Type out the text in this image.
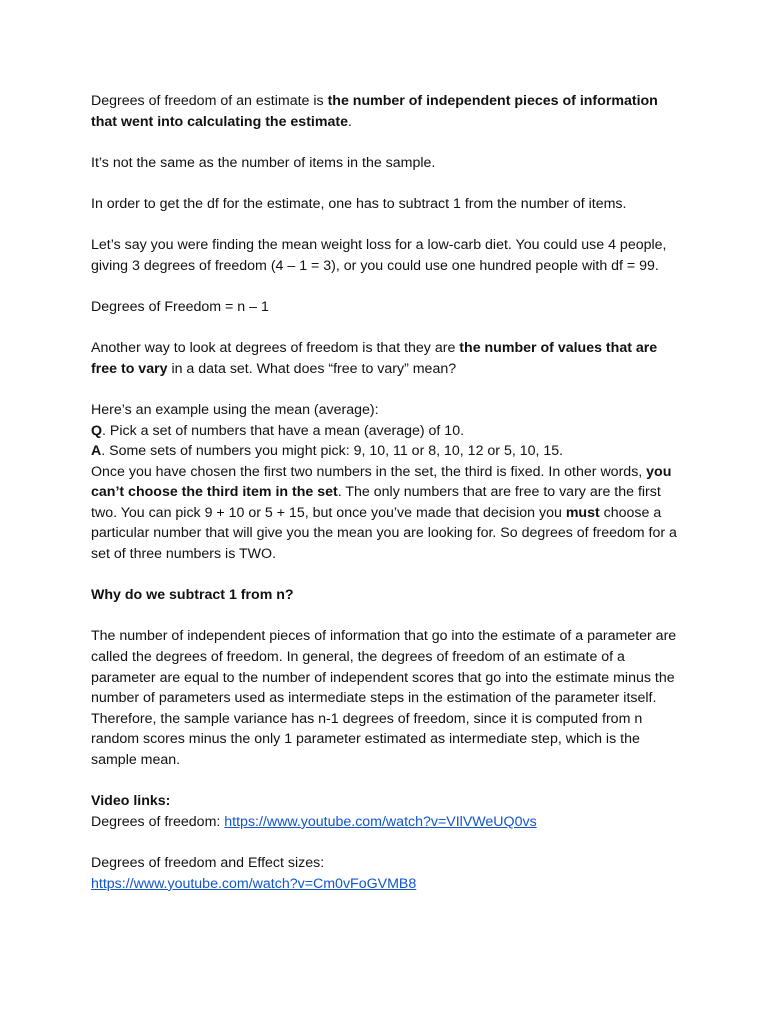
Degrees of freedom of an estimate is the number of independent pieces of information that went into calculating the estimate.

It’s not the same as the number of items in the sample.

In order to get the df for the estimate, one has to subtract 1 from the number of items.

Let’s say you were finding the mean weight loss for a low-carb diet. You could use 4 people, giving 3 degrees of freedom (4 – 1 = 3), or you could use one hundred people with df = 99.

Degrees of Freedom = n – 1

Another way to look at degrees of freedom is that they are the number of values that are free to vary in a data set. What does “free to vary” mean?

Here’s an example using the mean (average):

Q. Pick a set of numbers that have a mean (average) of 10.

A. Some sets of numbers you might pick: 9, 10, 11 or 8, 10, 12 or 5, 10, 15.

Once you have chosen the first two numbers in the set, the third is fixed. In other words, you can’t choose the third item in the set. The only numbers that are free to vary are the first two. You can pick 9 + 10 or 5 + 15, but once you’ve made that decision you must choose a particular number that will give you the mean you are looking for. So degrees of freedom for a set of three numbers is TWO.

Why do we subtract 1 from n?

The number of independent pieces of information that go into the estimate of a parameter are called the degrees of freedom. In general, the degrees of freedom of an estimate of a parameter are equal to the number of independent scores that go into the estimate minus the number of parameters used as intermediate steps in the estimation of the parameter itself. Therefore, the sample variance has n-1 degrees of freedom, since it is computed from n random scores minus the only 1 parameter estimated as intermediate step, which is the sample mean.

Video links:

Degrees of freedom: https://www.youtube.com/watch?v=VIlVWeUQ0vs

Degrees of freedom and Effect sizes:

https://www.youtube.com/watch?v=Cm0vFoGVMB8
